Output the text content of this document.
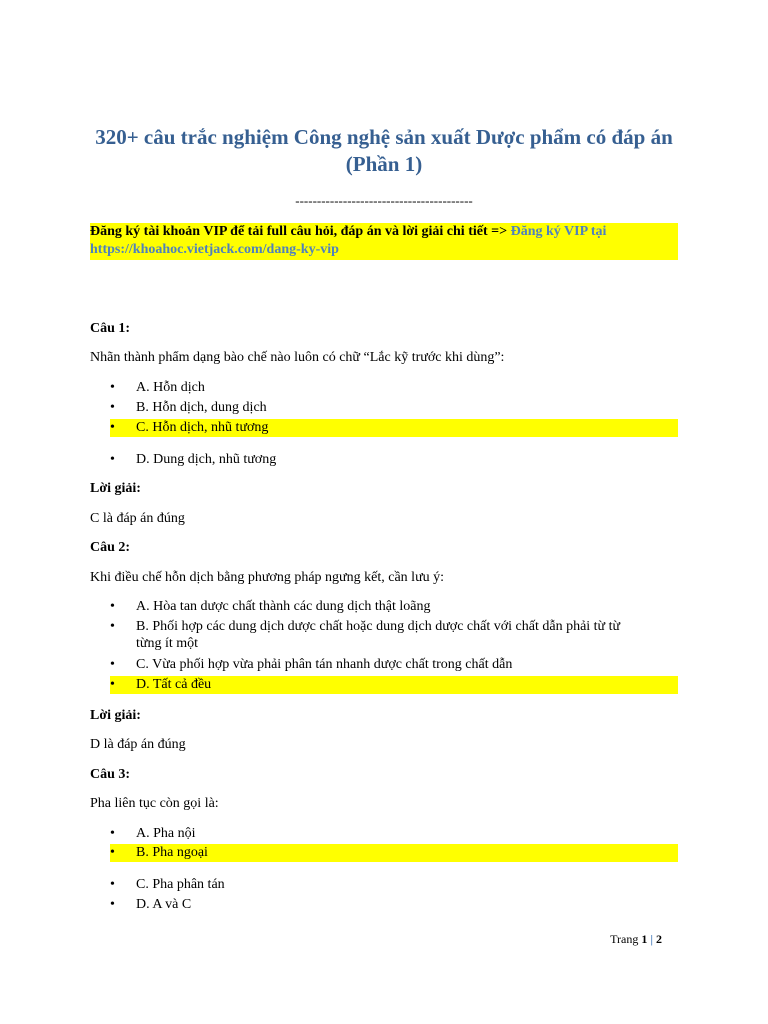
320+ câu trắc nghiệm Công nghệ sản xuất Dược phẩm có đáp án (Phần 1)
-----------------------------------------
Đăng ký tài khoản VIP để tải full câu hỏi, đáp án và lời giải chi tiết => Đăng ký VIP tại https://khoahoc.vietjack.com/dang-ky-vip
Câu 1:
Nhãn thành phẩm dạng bào chế nào luôn có chữ “Lắc kỹ trước khi dùng”:
•	A. Hỗn dịch
•	B. Hỗn dịch, dung dịch
•	C. Hỗn dịch, nhũ tương
•	D. Dung dịch, nhũ tương
Lời giải:
C là đáp án đúng
Câu 2:
Khi điều chế hỗn dịch bằng phương pháp ngưng kết, cần lưu ý:
•	A. Hòa tan dược chất thành các dung dịch thật loãng
•	B. Phối hợp các dung dịch dược chất hoặc dung dịch dược chất với chất dẫn phải từ từ từng ít một
•	C. Vừa phối hợp vừa phải phân tán nhanh dược chất trong chất dẫn
•	D. Tất cả đều
Lời giải:
D là đáp án đúng
Câu 3:
Pha liên tục còn gọi là:
•	A. Pha nội
•	B. Pha ngoại
•	C. Pha phân tán
•	D. A và C
Trang 1 | 2
